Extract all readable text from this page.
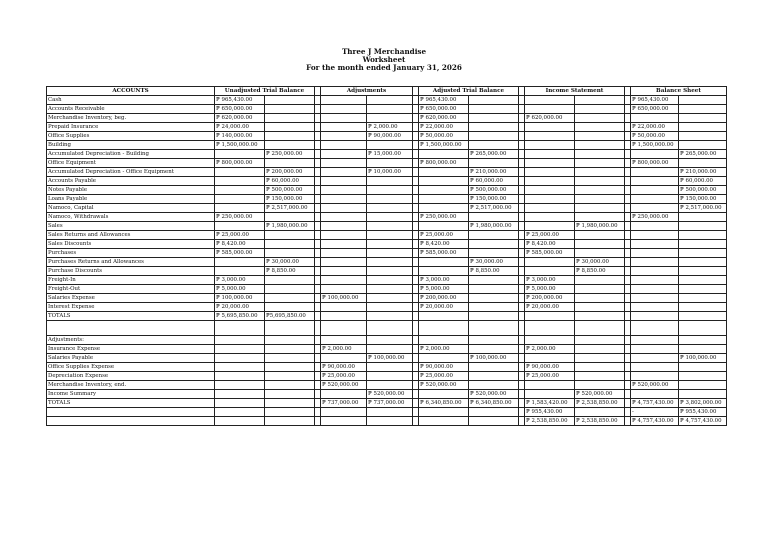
Three J Merchandise
Worksheet
For the month ended January 31, 2026
ACCOUNTS	Unadjusted Trial Balance			Adjustments			Adjusted Trial Balance			Income Statement			Balance Sheet	
Cash	₱ 965,430.00						₱ 965,430.00						₱ 965,430.00	
Accounts Receivable	₱ 650,000.00						₱ 650,000.00						₱ 650,000.00	
Merchandise Inventory, beg.	₱ 620,000.00						₱ 620,000.00			₱ 620,000.00				
Prepaid Insurance	₱ 24,000.00				₱ 2,000.00		₱ 22,000.00						₱ 22,000.00	
Office Supplies	₱ 140,000.00				₱ 90,000.00		₱ 50,000.00						₱ 50,000.00	
Building	₱ 1,500,000.00						₱ 1,500,000.00						₱ 1,500,000.00	
Accumulated Depreciation - Building		₱ 250,000.00			₱ 15,000.00			₱ 265,000.00						₱ 265,000.00
Office Equipment	₱ 800,000.00						₱ 800,000.00						₱ 800,000.00	
Accumulated Depreciation - Office Equipment		₱ 200,000.00			₱ 10,000.00			₱ 210,000.00						₱ 210,000.00
Accounts Payable		₱ 60,000.00						₱ 60,000.00						₱ 60,000.00
Notes Payable		₱ 500,000.00						₱ 500,000.00						₱ 500,000.00
Loans Payable		₱ 150,000.00						₱ 150,000.00						₱ 150,000.00
Namoco, Capital		₱ 2,517,000.00						₱ 2,517,000.00						₱ 2,517,000.00
Namoco, Withdrawals	₱ 250,000.00						₱ 250,000.00						₱ 250,000.00	
Sales		₱ 1,980,000.00						₱ 1,980,000.00			₱ 1,980,000.00			
Sales Returns and Allowances	₱ 25,000.00						₱ 25,000.00			₱ 25,000.00				
Sales Discounts	₱ 8,420.00						₱ 8,420.00			₱ 8,420.00				
Purchases	₱ 585,000.00						₱ 585,000.00			₱ 585,000.00				
Purchases Returns and Allowances		₱ 30,000.00						₱ 30,000.00			₱ 30,000.00			
Purchase Discounts		₱ 8,850.00						₱ 8,850.00			₱ 8,850.00			
Freight-In	₱ 3,000.00						₱ 3,000.00			₱ 3,000.00				
Freight-Out	₱ 5,000.00						₱ 5,000.00			₱ 5,000.00				
Salaries Expense	₱ 100,000.00			₱ 100,000.00			₱ 200,000.00			₱ 200,000.00				
Interest Expense	₱ 20,000.00						₱ 20,000.00			₱ 20,000.00				
TOTALS	₱ 5,695,850.00	₱5,695,850.00												

Adjustments:														
Insurance Expense				₱ 2,000.00			₱ 2,000.00			₱ 2,000.00				
Salaries Payable					₱ 100,000.00			₱ 100,000.00						₱ 100,000.00
Office Supplies Expense				₱ 90,000.00			₱ 90,000.00			₱ 90,000.00				
Depreciation Expense				₱ 25,000.00			₱ 25,000.00			₱ 25,000.00				
Merchandise Inventory, end.				₱ 520,000.00			₱ 520,000.00						₱ 520,000.00	
Income Summary					₱ 520,000.00			₱ 520,000.00			₱ 520,000.00			
TOTALS				₱ 737,000.00	₱ 737,000.00		₱ 6,340,850.00	₱ 6,340,850.00		₱ 1,583,420.00	₱ 2,538,850.00		₱ 4,757,430.00	₱ 3,802,000.00
										₱ 955,430.00			-	₱ 955,430.00
										₱ 2,538,850.00	₱ 2,538,850.00		₱ 4,757,430.00	₱ 4,757,430.00
